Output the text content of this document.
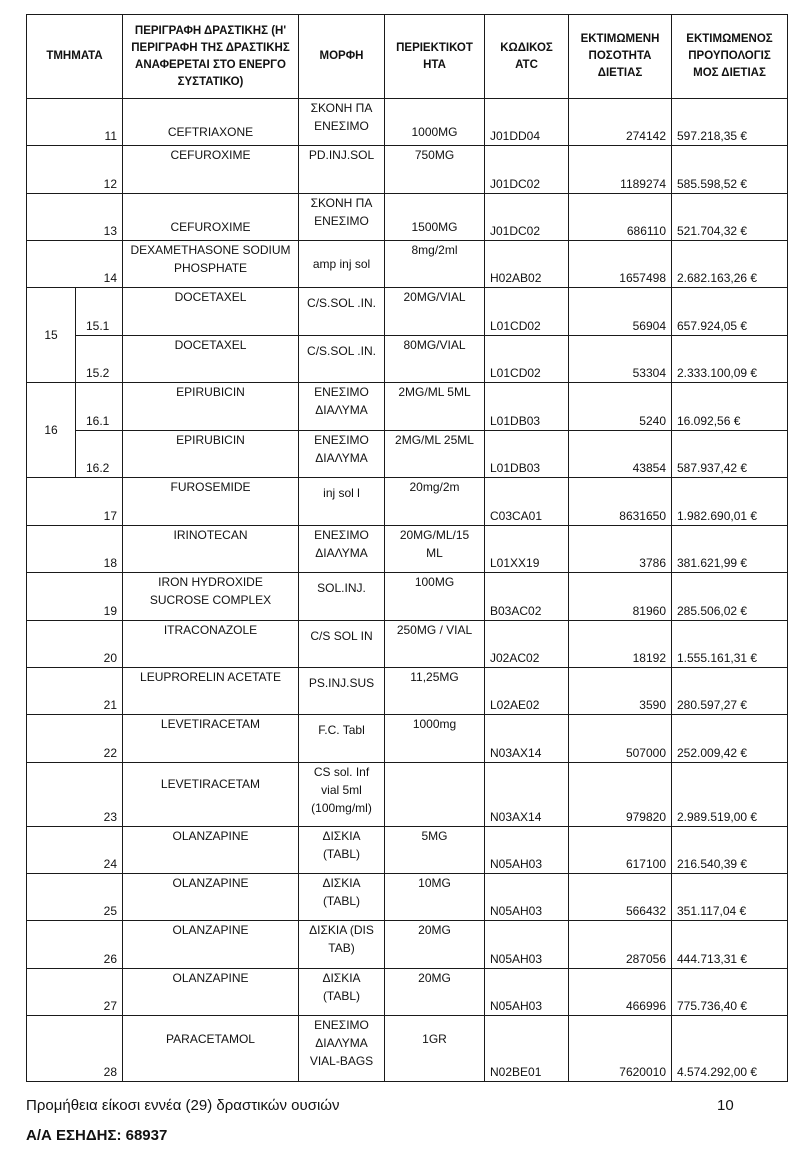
ΤΜΗΜΑΤΑ		ΠΕΡΙΓΡΑΦΗ ΔΡΑΣΤΙΚΗΣ (Η' ΠΕΡΙΓΡΑΦΗ ΤΗΣ ΔΡΑΣΤΙΚΗΣ ΑΝΑΦΕΡΕΤΑΙ ΣΤΟ ΕΝΕΡΓΟ ΣΥΣΤΑΤΙΚΟ)	ΜΟΡΦΗ	ΠΕΡΙΕΚΤΙΚΟΤ ΗΤΑ	ΚΩΔΙΚΟΣ ATC	ΕΚΤΙΜΩΜΕΝΗ ΠΟΣΟΤΗΤΑ ΔΙΕΤΙΑΣ	ΕΚΤΙΜΩΜΕΝΟΣ ΠΡΟΥΠΟΛΟΓΙΣ ΜΟΣ ΔΙΕΤΙΑΣ
11		CEFTRIAXONE	ΣΚΟΝΗ ΠΑ ΕΝΕΣΙΜΟ	1000MG	J01DD04	274142	597.218,35 €
12		CEFUROXIME	PD.INJ.SOL	750MG	J01DC02	1189274	585.598,52 €
13		CEFUROXIME	ΣΚΟΝΗ ΠΑ ΕΝΕΣΙΜΟ	1500MG	J01DC02	686110	521.704,32 €
14		DEXAMETHASONE SODIUM PHOSPHATE	amp inj sol	8mg/2ml	H02AB02	1657498	2.682.163,26 €
15	15.1	DOCETAXEL	C/S.SOL .IN.	20MG/VIAL	L01CD02	56904	657.924,05 €
	15.2	DOCETAXEL	C/S.SOL .IN.	80MG/VIAL	L01CD02	53304	2.333.100,09 €
16	16.1	EPIRUBICIN	ΕΝΕΣΙΜΟ ΔΙΑΛΥΜΑ	2MG/ML 5ML	L01DB03	5240	16.092,56 €
	16.2	EPIRUBICIN	ΕΝΕΣΙΜΟ ΔΙΑΛΥΜΑ	2MG/ML 25ML	L01DB03	43854	587.937,42 €
17		FUROSEMIDE	inj sol l	20mg/2m	C03CA01	8631650	1.982.690,01 €
18		IRINOTECAN	ΕΝΕΣΙΜΟ ΔΙΑΛΥΜΑ	20MG/ML/15 ML	L01XX19	3786	381.621,99 €
19		IRON HYDROXIDE SUCROSE COMPLEX	SOL.INJ.	100MG	B03AC02	81960	285.506,02 €
20		ITRACONAZOLE	C/S SOL IN	250MG / VIAL	J02AC02	18192	1.555.161,31 €
21		LEUPRORELIN ACETATE	PS.INJ.SUS	11,25MG	L02AE02	3590	280.597,27 €
22		LEVETIRACETAM	F.C. Tabl	1000mg	N03AX14	507000	252.009,42 €
23		LEVETIRACETAM	CS sol. Inf vial 5ml (100mg/ml)		N03AX14	979820	2.989.519,00 €
24		OLANZAPINE	ΔΙΣΚΙΑ (TABL)	5MG	N05AH03	617100	216.540,39 €
25		OLANZAPINE	ΔΙΣΚΙΑ (TABL)	10MG	N05AH03	566432	351.117,04 €
26		OLANZAPINE	ΔΙΣΚΙΑ (DIS TAB)	20MG	N05AH03	287056	444.713,31 €
27		OLANZAPINE	ΔΙΣΚΙΑ (TABL)	20MG	N05AH03	466996	775.736,40 €
28		PARACETAMOL	ΕΝΕΣΙΜΟ ΔΙΑΛΥΜΑ VIAL-BAGS	1GR	N02BE01	7620010	4.574.292,00 €
Προμήθεια είκοσι εννέα (29) δραστικών ουσιών	10
Α/Α ΕΣΗΔΗΣ: 68937
